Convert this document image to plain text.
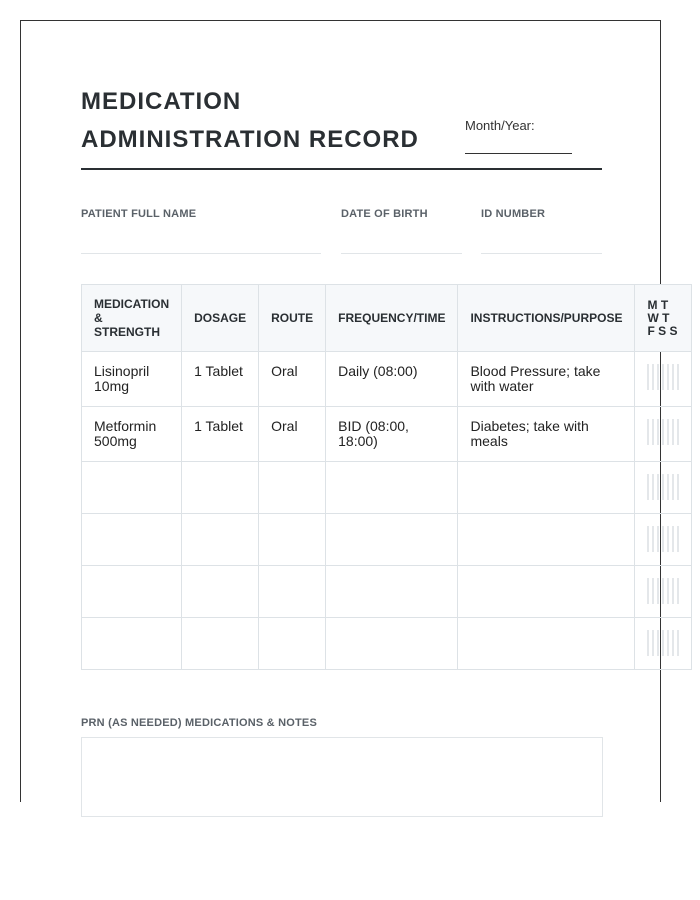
MEDICATION
ADMINISTRATION RECORD
Month/Year:
PATIENT FULL NAME	DATE OF BIRTH	ID NUMBER
MEDICATION & STRENGTH	DOSAGE	ROUTE	FREQUENCY/TIME	INSTRUCTIONS/PURPOSE	M T W T F S S
Lisinopril 10mg	1 Tablet	Oral	Daily (08:00)	Blood Pressure; take with water	

Metformin 500mg	1 Tablet	Oral	BID (08:00, 18:00)	Diabetes; take with meals	

PRN (AS NEEDED) MEDICATIONS & NOTES
